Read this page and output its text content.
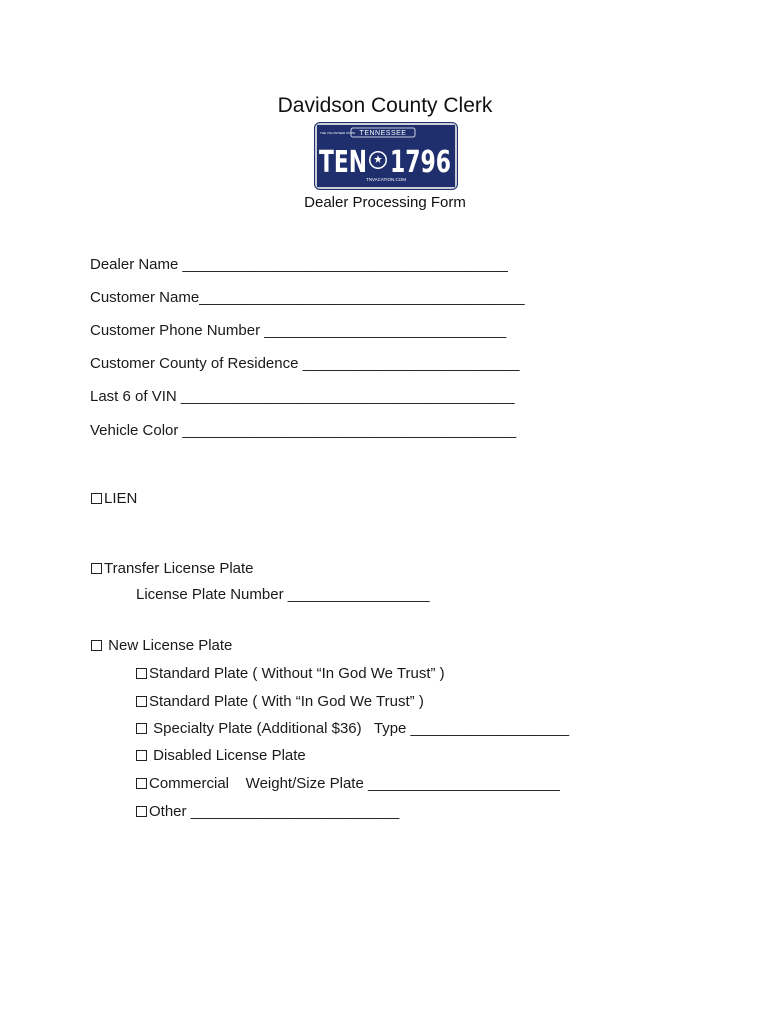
Davidson County Clerk
TENNESSEE
THE VOLUNTEER STATE
TEN 1796
TNVACATION.COM
Dealer Processing Form
Dealer Name _______________________________________
Customer Name_______________________________________
Customer Phone Number _____________________________
Customer County of Residence __________________________
Last 6 of VIN ________________________________________
Vehicle Color ________________________________________
LIEN
Transfer License Plate
License Plate Number _________________
New License Plate
Standard Plate ( Without “In God We Trust” )
Standard Plate ( With “In God We Trust” )
Specialty Plate (Additional $36)   Type ___________________
Disabled License Plate
Commercial    Weight/Size Plate _______________________
Other _________________________
